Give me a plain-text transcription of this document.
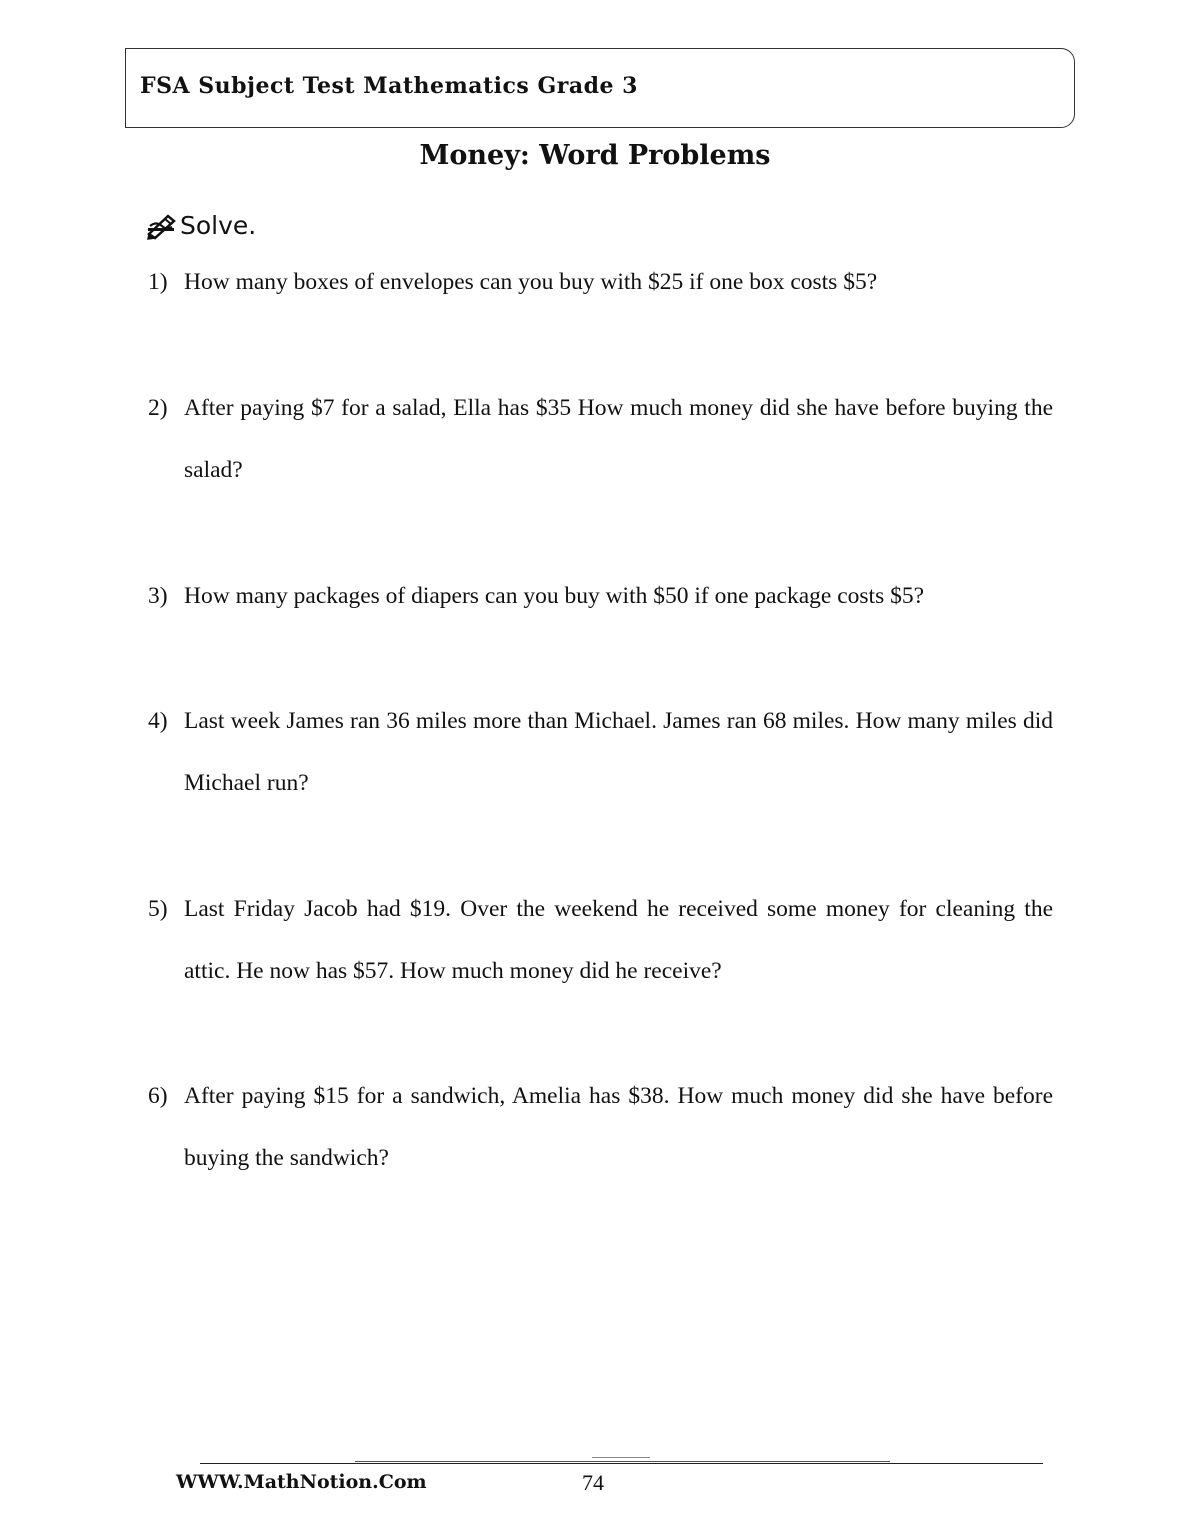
FSA Subject Test Mathematics Grade 3
Money: Word Problems
Solve.
1) How many boxes of envelopes can you buy with $25 if one box costs $5?
2) After paying $7 for a salad, Ella has $35 How much money did she have before buying the salad?
3) How many packages of diapers can you buy with $50 if one package costs $5?
4) Last week James ran 36 miles more than Michael. James ran 68 miles. How many miles did Michael run?
5) Last Friday Jacob had $19. Over the weekend he received some money for cleaning the attic. He now has $57. How much money did he receive?
6) After paying $15 for a sandwich, Amelia has $38. How much money did she have before buying the sandwich?
WWW.MathNotion.Com	74
